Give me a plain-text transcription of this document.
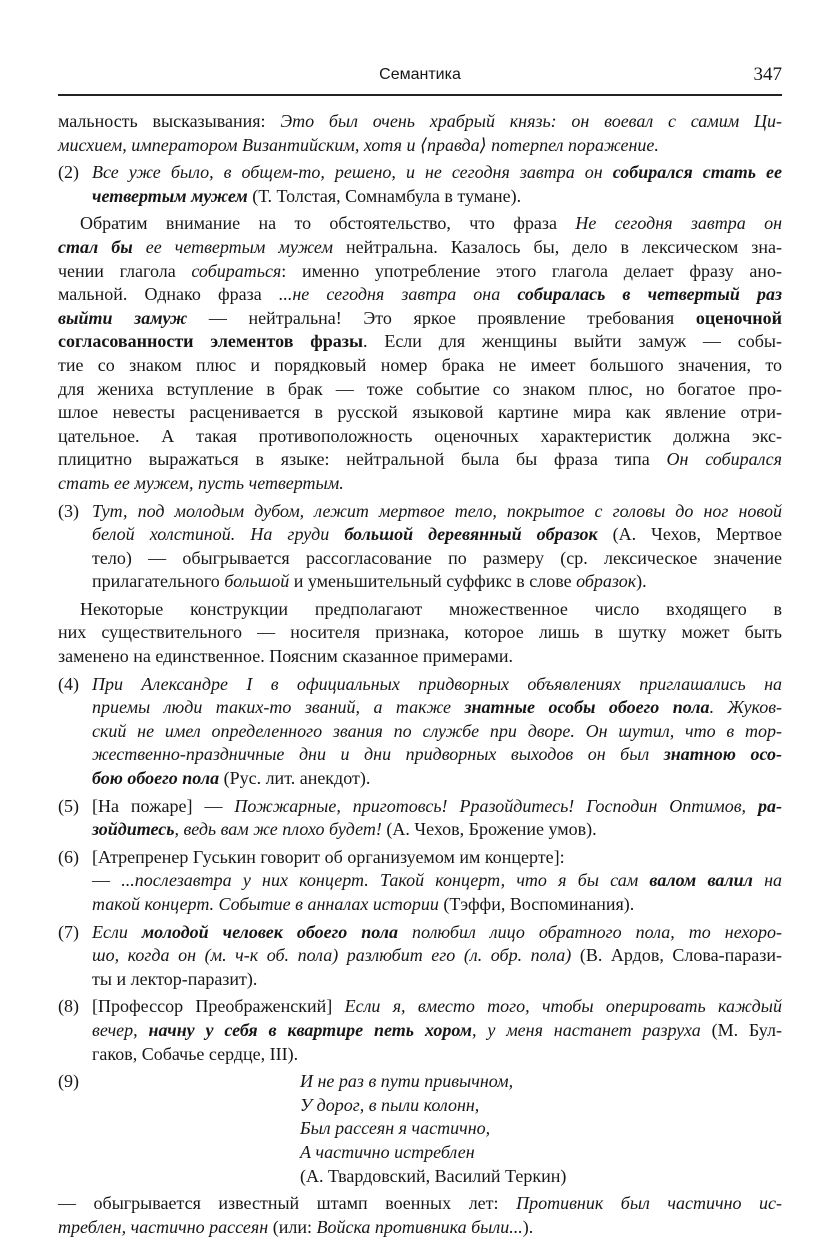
Семантика	347
мальность высказывания: Это был очень храбрый князь: он воевал с самим Ци-
мисхием, императором Византийским, хотя и ⟨правда⟩ потерпел поражение.
(2) Все уже было, в общем-то, решено, и не сегодня завтра он собирался стать ее
четвертым мужем (Т. Толстая, Сомнамбула в тумане).
Обратим внимание на то обстоятельство, что фраза Не сегодня завтра он
стал бы ее четвертым мужем нейтральна. Казалось бы, дело в лексическом зна-
чении глагола собираться: именно употребление этого глагола делает фразу ано-
мальной. Однако фраза ...не сегодня завтра она собиралась в четвертый раз
выйти замуж — нейтральна! Это яркое проявление требования оценочной
согласованности элементов фразы. Если для женщины выйти замуж — собы-
тие со знаком плюс и порядковый номер брака не имеет большого значения, то
для жениха вступление в брак — тоже событие со знаком плюс, но богатое про-
шлое невесты расценивается в русской языковой картине мира как явление отри-
цательное. А такая противоположность оценочных характеристик должна экс-
плицитно выражаться в языке: нейтральной была бы фраза типа Он собирался
стать ее мужем, пусть четвертым.
(3) Тут, под молодым дубом, лежит мертвое тело, покрытое с головы до ног новой
белой холстиной. На груди большой деревянный образок (А. Чехов, Мертвое
тело) — обыгрывается рассогласование по размеру (ср. лексическое значение
прилагательного большой и уменьшительный суффикс в слове образок).
Некоторые конструкции предполагают множественное число входящего в
них существительного — носителя признака, которое лишь в шутку может быть
заменено на единственное. Поясним сказанное примерами.
(4) При Александре I в официальных придворных объявлениях приглашались на
приемы люди таких-то званий, а также знатные особы обоего пола. Жуков-
ский не имел определенного звания по службе при дворе. Он шутил, что в тор-
жественно-праздничные дни и дни придворных выходов он был знатною осо-
бою обоего пола (Рус. лит. анекдот).
(5) [На пожаре] — Пожжарные, приготовсь! Рразойдитесь! Господин Оптимов, ра-
зойдитесь, ведь вам же плохо будет! (А. Чехов, Брожение умов).
(6) [Атрепренер Гуськин говорит об организуемом им концерте]:
— ...послезавтра у них концерт. Такой концерт, что я бы сам валом валил на
такой концерт. Событие в анналах истории (Тэффи, Воспоминания).
(7) Если молодой человек обоего пола полюбил лицо обратного пола, то нехоро-
шо, когда он (м. ч-к об. пола) разлюбит его (л. обр. пола) (В. Ардов, Слова-парази-
ты и лектор-паразит).
(8) [Профессор Преображенский] Если я, вместо того, чтобы оперировать каждый
вечер, начну у себя в квартире петь хором, у меня настанет разруха (М. Бул-
гаков, Собачье сердце, III).
(9)	И не раз в пути привычном,
У дорог, в пыли колонн,
Был рассеян я частично,
А частично истреблен
(А. Твардовский, Василий Теркин)
— обыгрывается известный штамп военных лет: Противник был частично ис-
треблен, частично рассеян (или: Войска противника были...).
